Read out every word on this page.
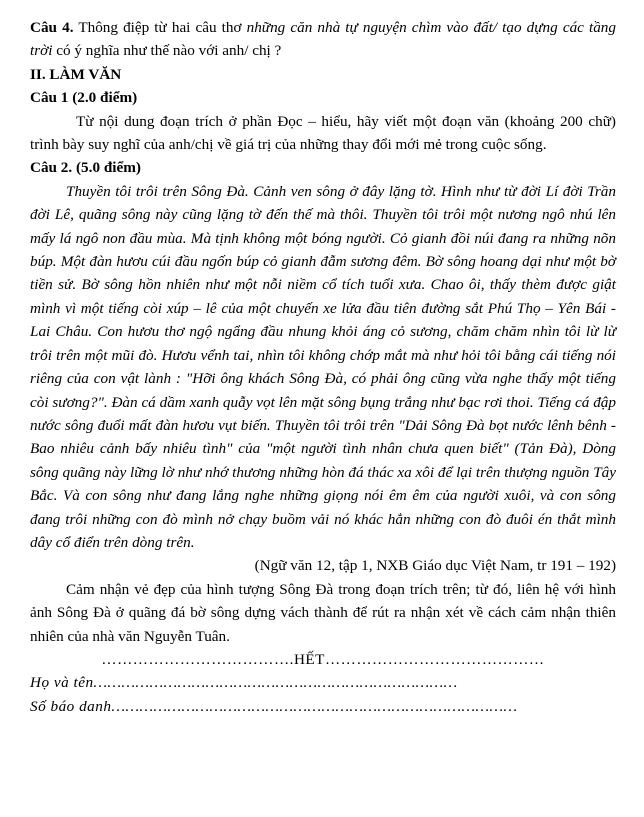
Câu 4. Thông điệp từ hai câu thơ những căn nhà tự nguyện chìm vào đất/ tạo dựng các tầng trời có ý nghĩa như thế nào với anh/ chị ?

II. LÀM VĂN

Câu 1 (2.0 điểm)

Từ nội dung đoạn trích ở phần Đọc – hiểu, hãy viết một đoạn văn (khoảng 200 chữ) trình bày suy nghĩ của anh/chị về giá trị của những thay đổi mới mẻ trong cuộc sống.

Câu 2. (5.0 điểm)

Thuyền tôi trôi trên Sông Đà. Cảnh ven sông ở đây lặng tờ. Hình như từ đời Lí đời Trần đời Lê, quãng sông này cũng lặng tờ đến thế mà thôi. Thuyền tôi trôi một nương ngô nhú lên mấy lá ngô non đầu mùa. Mà tịnh không một bóng người. Cỏ gianh đồi núi đang ra những nõn búp. Một đàn hươu cúi đầu ngốn búp cỏ gianh đẫm sương đêm. Bờ sông hoang dại như một bờ tiền sử. Bờ sông hồn nhiên như một nỗi niềm cổ tích tuổi xưa. Chao ôi, thấy thèm được giật mình vì một tiếng còi xúp – lê của một chuyến xe lửa đầu tiên đường sắt Phú Thọ – Yên Bái - Lai Châu. Con hươu thơ ngộ ngẩng đầu nhung khỏi áng cỏ sương, chăm chăm nhìn tôi lừ lừ trôi trên một mũi đò. Hươu vểnh tai, nhìn tôi không chớp mắt mà như hỏi tôi bằng cái tiếng nói riêng của con vật lành : "Hỡi ông khách Sông Đà, có phải ông cũng vừa nghe thấy một tiếng còi sương?". Đàn cá dầm xanh quẫy vọt lên mặt sông bụng trắng như bạc rơi thoi. Tiếng cá đập nước sông đuổi mất đàn hươu vụt biến. Thuyền tôi trôi trên "Dải Sông Đà bọt nước lênh bênh - Bao nhiêu cảnh bấy nhiêu tình" của "một người tình nhân chưa quen biết" (Tản Đà), Dòng sông quãng này lững lờ như nhớ thương những hòn đá thác xa xôi để lại trên thượng nguồn Tây Bắc. Và con sông như đang lắng nghe những giọng nói êm êm của người xuôi, và con sông đang trôi những con đò mình nở chạy buồm vải nó khác hẳn những con đò đuôi én thắt mình dây cổ điển trên dòng trên.

(Ngữ văn 12, tập 1, NXB Giáo dục Việt Nam, tr 191 – 192)

Cảm nhận vẻ đẹp của hình tượng Sông Đà trong đoạn trích trên; từ đó, liên hệ với hình ảnh Sông Đà ở quãng đá bờ sông dựng vách thành để rút ra nhận xét về cách cảm nhận thiên nhiên của nhà văn Nguyễn Tuân.

……………………………….HẾT……………………………………

Họ và tên……………………………………………………………………

Số báo danh……………………………………………………………………………
